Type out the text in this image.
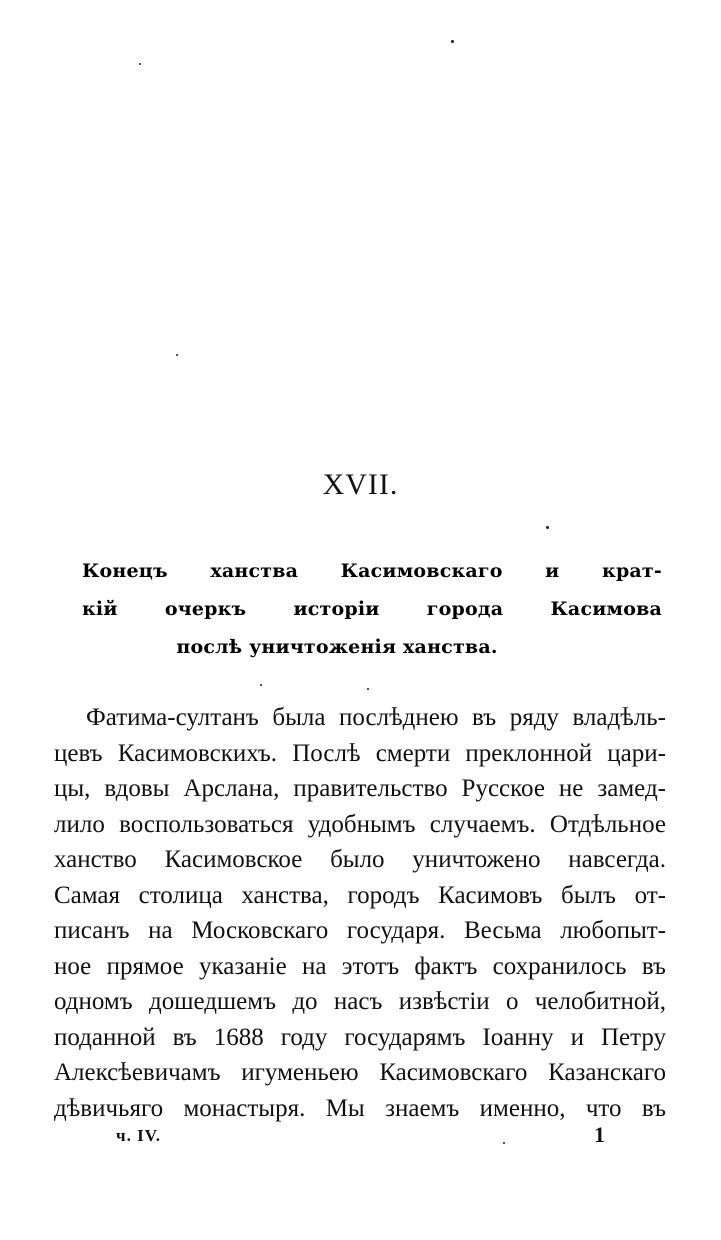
XVII.
Конецъ ханства Касимовскаго и крат-
кій очеркъ исторіи города Касимова
послѣ уничтоженія ханства.
Фатима-султанъ была послѣднею въ ряду владѣль-
цевъ Касимовскихъ. Послѣ смерти преклонной цари-
цы, вдовы Арслана, правительство Русское не замед-
лило воспользоваться удобнымъ случаемъ. Отдѣльное
ханство Касимовское было уничтожено навсегда.
Самая столица ханства, городъ Касимовъ былъ от-
писанъ на Московскаго государя. Весьма любопыт-
ное прямое указаніе на этотъ фактъ сохранилось въ
одномъ дошедшемъ до насъ извѣстіи о челобитной,
поданной въ 1688 году государямъ Іоанну и Петру
Алексѣевичамъ игуменьею Касимовскаго Казанскаго
дѣвичьяго монастыря. Мы знаемъ именно, что въ
ч. IV.	1
